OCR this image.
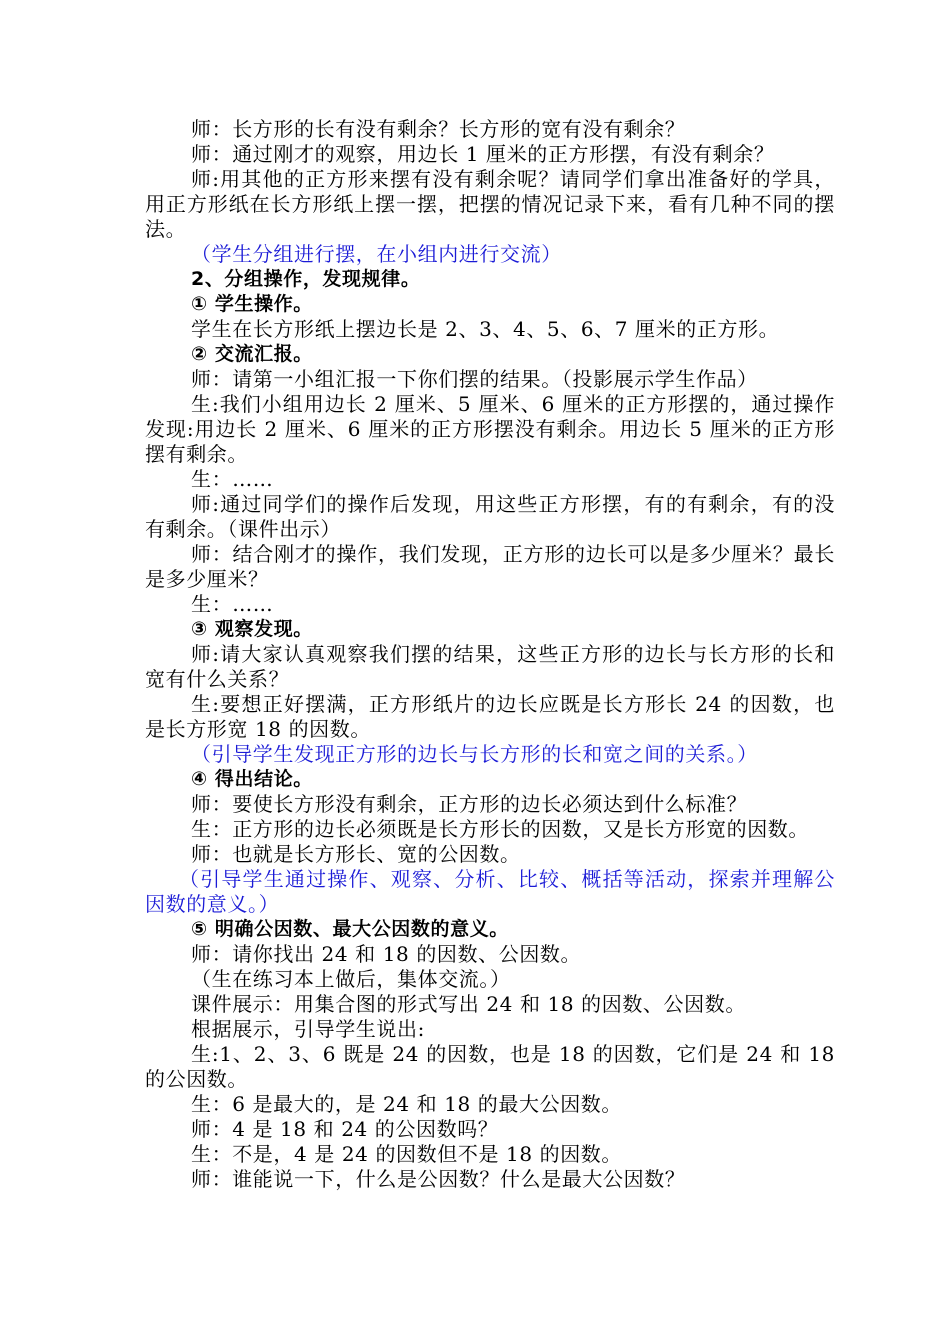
师：长方形的长有没有剩余？长方形的宽有没有剩余？

师：通过刚才的观察，用边长 1 厘米的正方形摆，有没有剩余？

师:用其他的正方形来摆有没有剩余呢？请同学们拿出准备好的学具，用正方形纸在长方形纸上摆一摆，把摆的情况记录下来，看有几种不同的摆法。

（学生分组进行摆，在小组内进行交流）

2、分组操作，发现规律。

① 学生操作。

学生在长方形纸上摆边长是 2、3、4、5、6、7 厘米的正方形。

② 交流汇报。

师：请第一小组汇报一下你们摆的结果。（投影展示学生作品）

生:我们小组用边长 2 厘米、5 厘米、6 厘米的正方形摆的，通过操作发现:用边长 2 厘米、6 厘米的正方形摆没有剩余。用边长 5 厘米的正方形摆有剩余。

生：……

师:通过同学们的操作后发现，用这些正方形摆，有的有剩余，有的没有剩余。（课件出示）

师：结合刚才的操作，我们发现，正方形的边长可以是多少厘米？最长是多少厘米？

生：……

③ 观察发现。

师:请大家认真观察我们摆的结果，这些正方形的边长与长方形的长和宽有什么关系？

生:要想正好摆满，正方形纸片的边长应既是长方形长 24 的因数，也是长方形宽 18 的因数。

（引导学生发现正方形的边长与长方形的长和宽之间的关系。）

④ 得出结论。

师：要使长方形没有剩余，正方形的边长必须达到什么标准？

生：正方形的边长必须既是长方形长的因数，又是长方形宽的因数。

师：也就是长方形长、宽的公因数。

（引导学生通过操作、观察、分析、比较、概括等活动，探索并理解公因数的意义。）

⑤ 明确公因数、最大公因数的意义。

师：请你找出 24 和 18 的因数、公因数。

（生在练习本上做后，集体交流。）

课件展示：用集合图的形式写出 24 和 18 的因数、公因数。

根据展示，引导学生说出:

生:1、2、3、6 既是 24 的因数，也是 18 的因数，它们是 24 和 18 的公因数。

生：6 是最大的，是 24 和 18 的最大公因数。

师：4 是 18 和 24 的公因数吗？

生：不是，4 是 24 的因数但不是 18 的因数。

师：谁能说一下，什么是公因数？什么是最大公因数？
